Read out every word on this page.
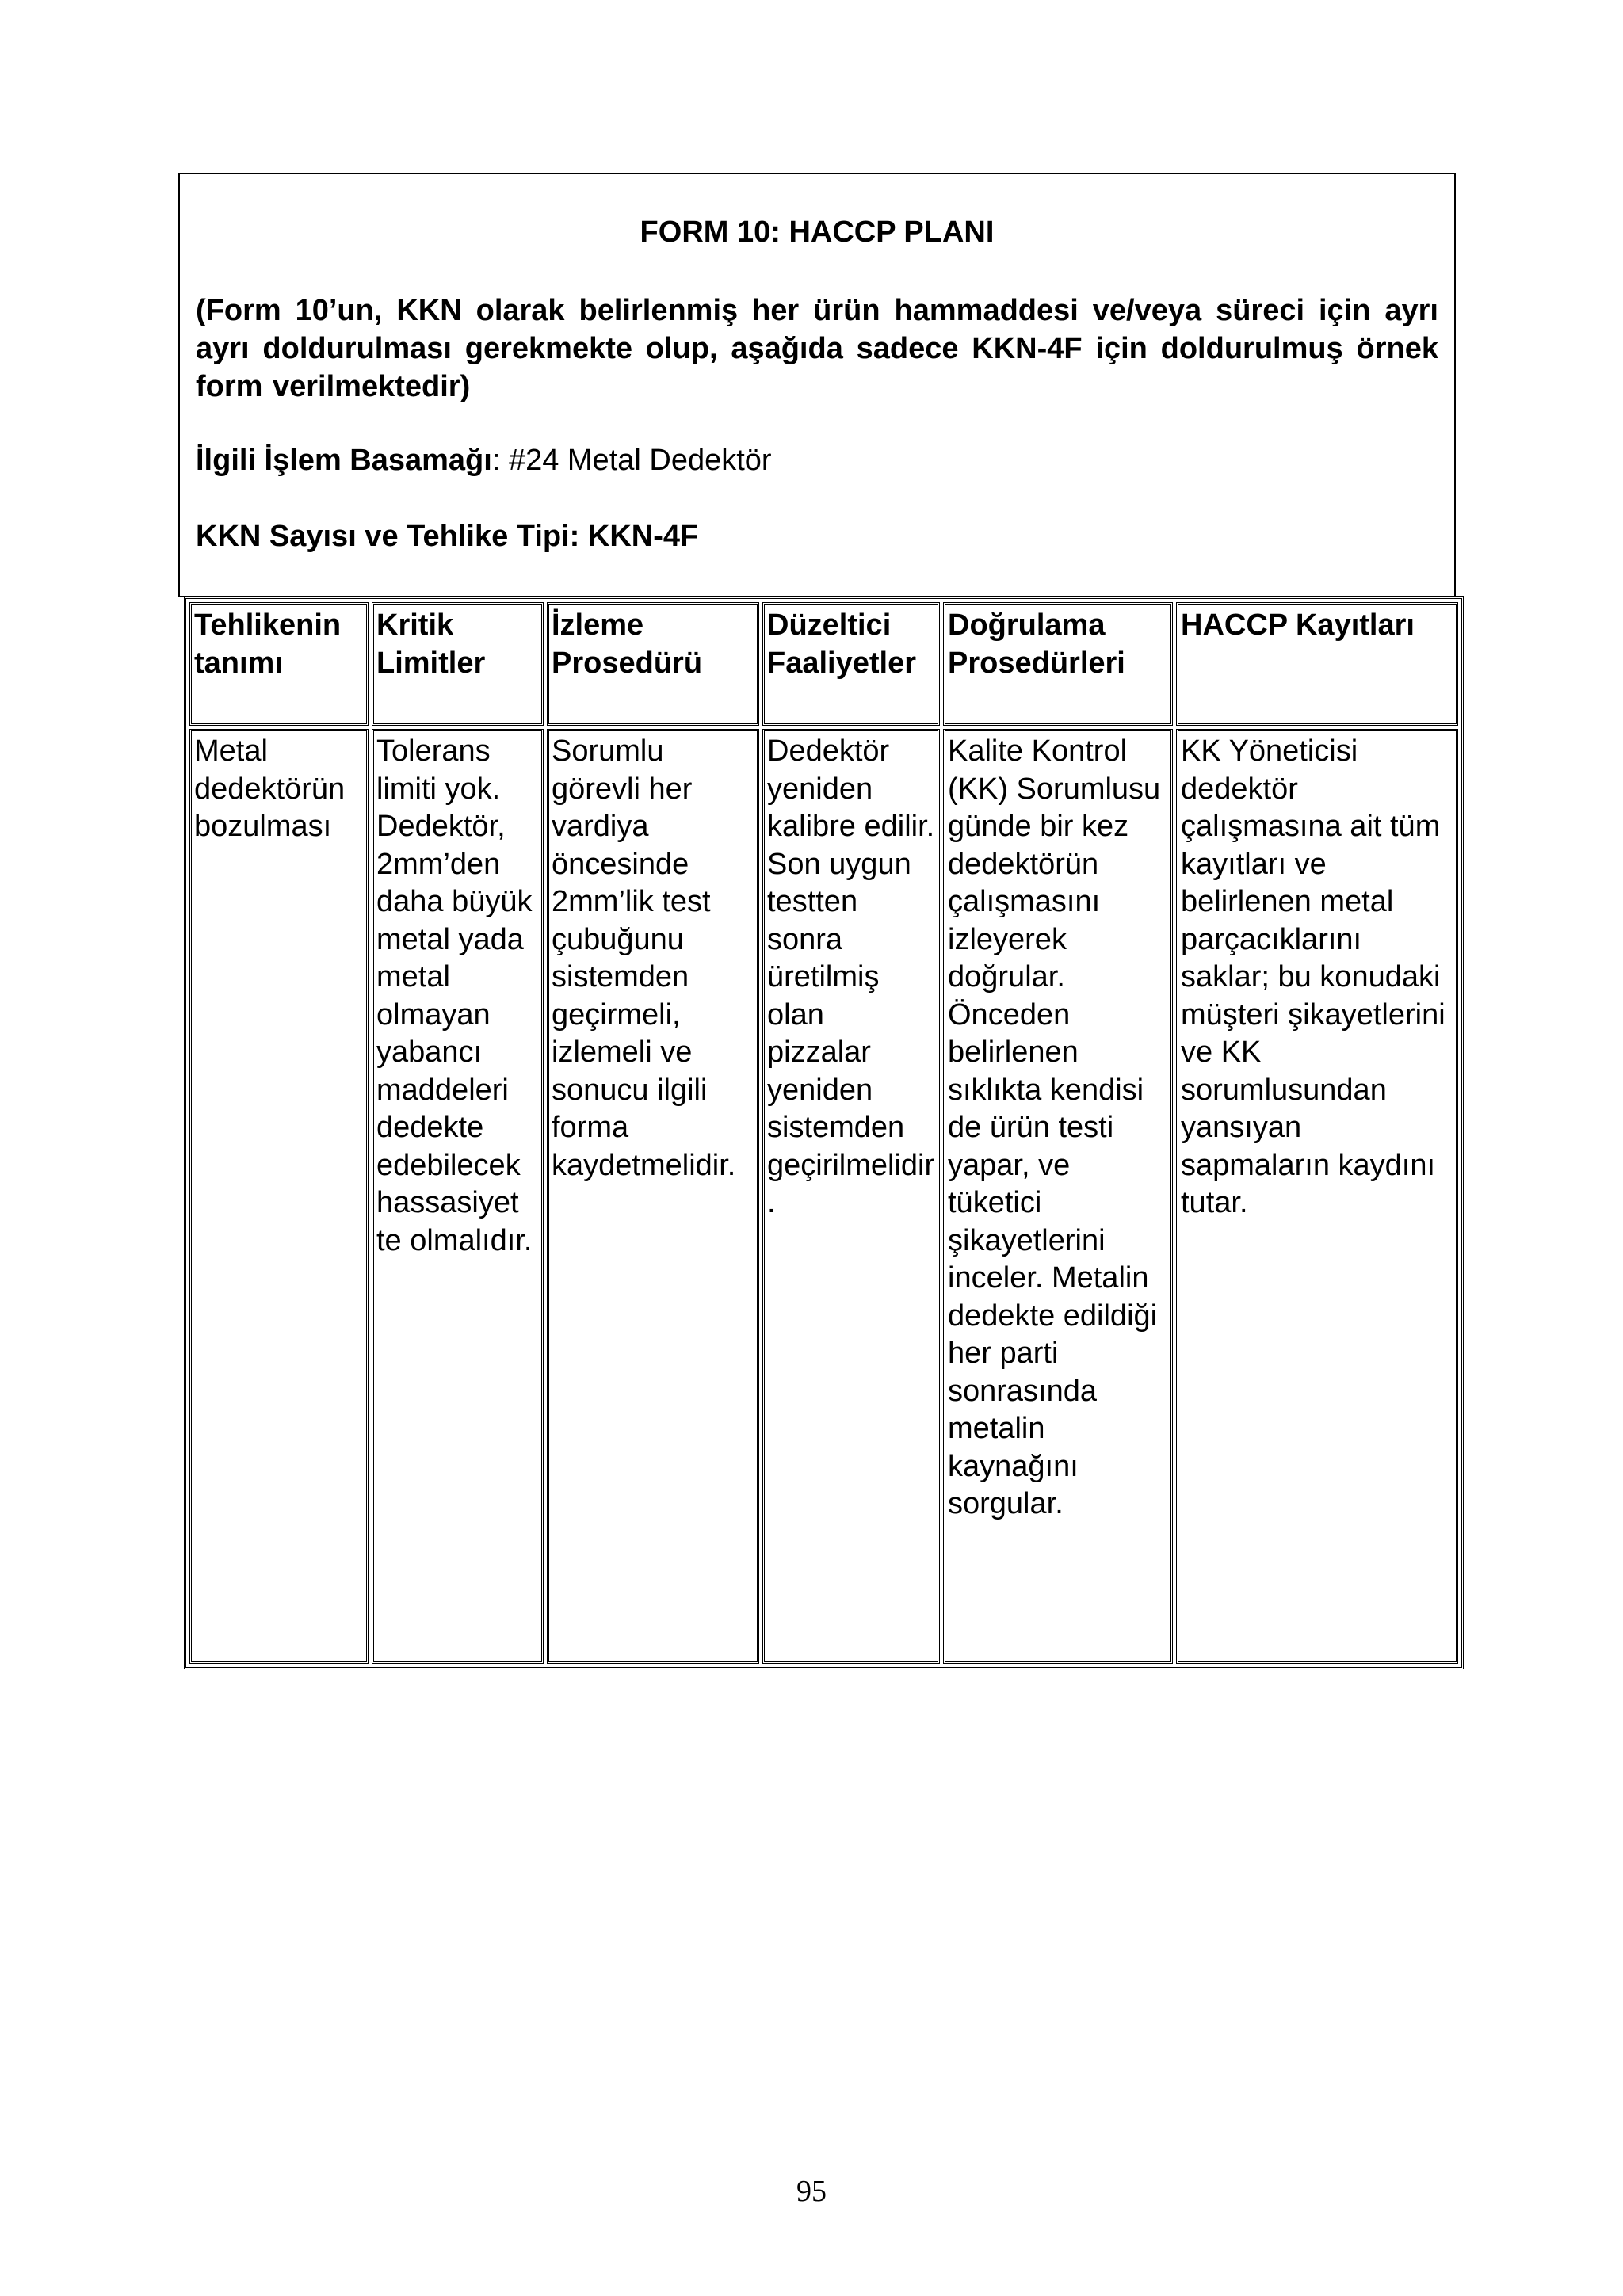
FORM 10: HACCP PLANI
(Form 10’un, KKN olarak belirlenmiş her ürün hammaddesi ve/veya süreci için ayrı ayrı doldurulması gerekmekte olup, aşağıda sadece KKN-4F için doldurulmuş örnek form verilmektedir)
İlgili İşlem Basamağı: #24 Metal Dedektör
KKN Sayısı ve Tehlike Tipi: KKN-4F
Tehlikenin tanımı	Kritik Limitler	İzleme Prosedürü	Düzeltici Faaliyetler	Doğrulama Prosedürleri	HACCP Kayıtları
Metal dedektörün bozulması	Tolerans limiti yok. Dedektör, 2mm’den daha büyük metal yada metal olmayan yabancı maddeleri dedekte edebilecek hassasiyet te olmalıdır.	Sorumlu görevli her vardiya öncesinde 2mm’lik test çubuğunu sistemden geçirmeli, izlemeli ve sonucu ilgili forma kaydetmelidir.	Dedektör yeniden kalibre edilir. Son uygun testten sonra üretilmiş olan pizzalar yeniden sistemden geçirilmelidir.	Kalite Kontrol (KK) Sorumlusu günde bir kez dedektörün çalışmasını izleyerek doğrular. Önceden belirlenen sıklıkta kendisi de ürün testi yapar, ve tüketici şikayetlerini inceler. Metalin dedekte edildiği her parti sonrasında metalin kaynağını sorgular.	KK Yöneticisi dedektör çalışmasına ait tüm kayıtları ve belirlenen metal parçacıklarını saklar; bu konudaki müşteri şikayetlerini ve KK sorumlusundan yansıyan sapmaların kaydını tutar.
95
